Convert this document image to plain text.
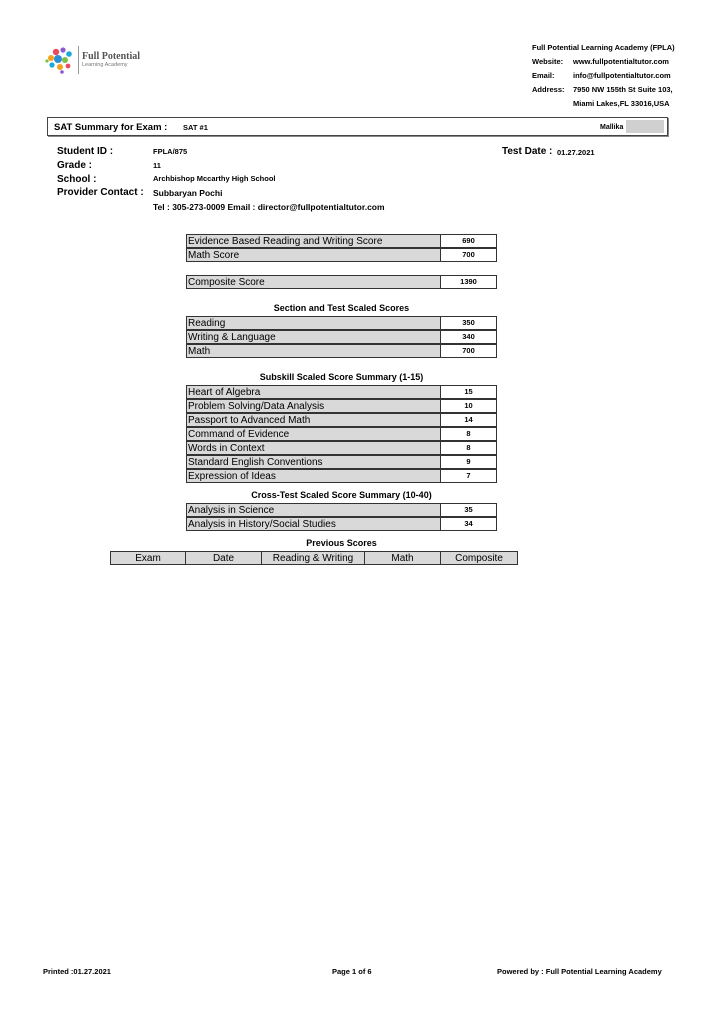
Full Potential
Learning Academy
Full Potential Learning Academy (FPLA)
Website: www.fullpotentialtutor.com
Email: info@fullpotentialtutor.com
Address: 7950 NW 155th St Suite 103,
Miami Lakes,FL 33016,USA
SAT Summary for Exam : SAT #1	Mallika
Student ID :	FPLA/875
Grade :	11
School :	Archbishop Mccarthy High School
Provider Contact : Subbaryan Pochi
Tel : 305-273-0009 Email : director@fullpotentialtutor.com
Test Date : 01.27.2021
Evidence Based Reading and Writing Score	690
Math Score	700
Composite Score	1390
Section and Test Scaled Scores
Reading	350
Writing & Language	340
Math	700
Subskill Scaled Score Summary (1-15)
Heart of Algebra	15
Problem Solving/Data Analysis	10
Passport to Advanced Math	14
Command of Evidence	8
Words in Context	8
Standard English Conventions	9
Expression of Ideas	7
Cross-Test Scaled Score Summary (10-40)
Analysis in Science	35
Analysis in History/Social Studies	34
Previous Scores
Exam	Date	Reading & Writing	Math	Composite
Printed :01.27.2021	Page 1 of 6	Powered by : Full Potential Learning Academy
